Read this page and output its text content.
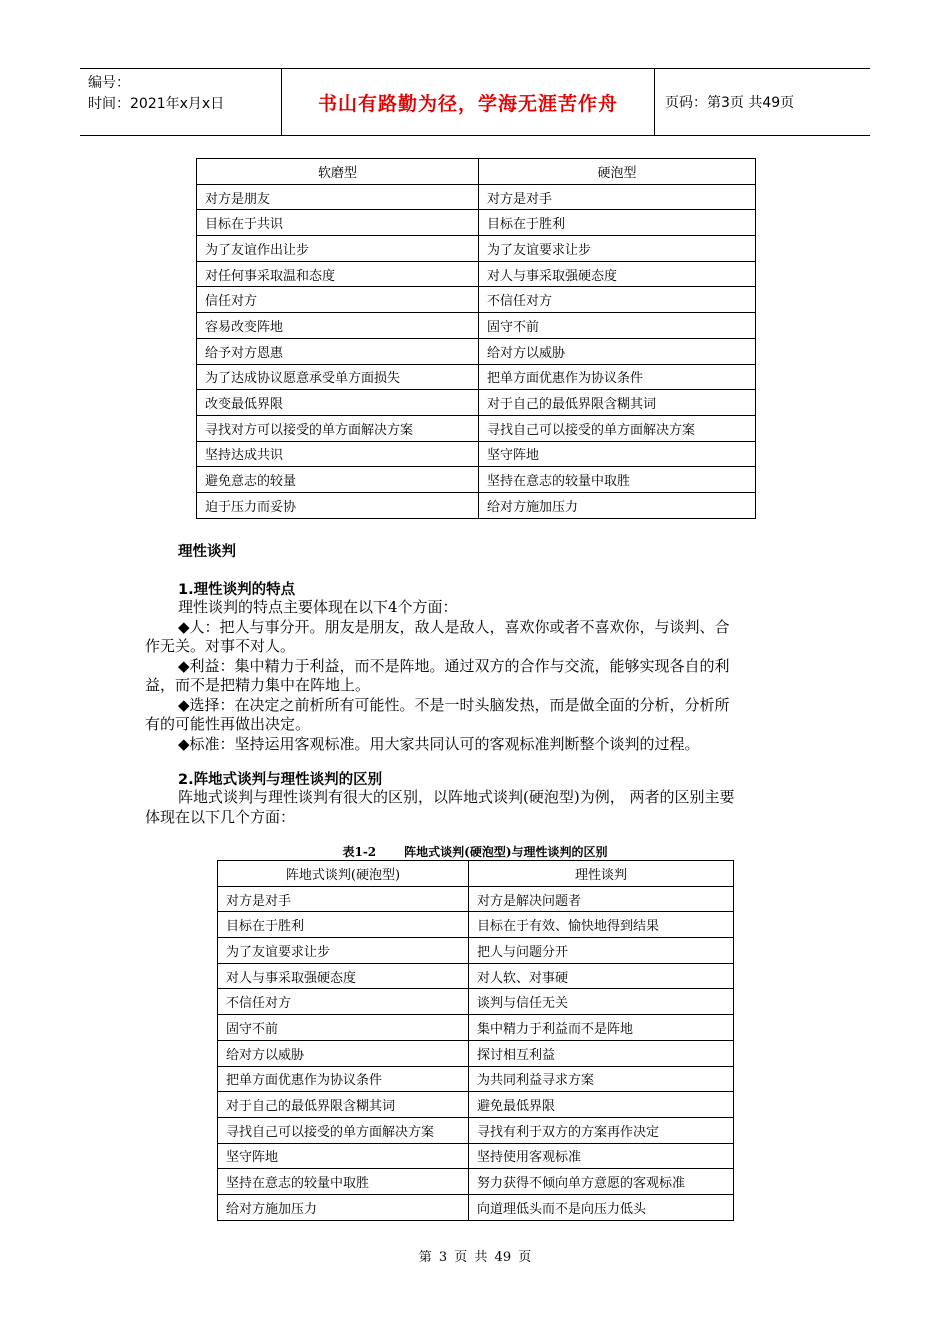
编号：
时间：2021年x月x日	书山有路勤为径，学海无涯苦作舟	页码：第3页 共49页
软磨型	硬泡型
对方是朋友	对方是对手
目标在于共识	目标在于胜利
为了友谊作出让步	为了友谊要求让步
对任何事采取温和态度	对人与事采取强硬态度
信任对方	不信任对方
容易改变阵地	固守不前
给予对方恩惠	给对方以威胁
为了达成协议愿意承受单方面损失	把单方面优惠作为协议条件
改变最低界限	对于自己的最低界限含糊其词
寻找对方可以接受的单方面解决方案	寻找自己可以接受的单方面解决方案
坚持达成共识	坚守阵地
避免意志的较量	坚持在意志的较量中取胜
迫于压力而妥协	给对方施加压力
理性谈判
1.理性谈判的特点

理性谈判的特点主要体现在以下4个方面：

◆人：把人与事分开。朋友是朋友，敌人是敌人，喜欢你或者不喜欢你，与谈判、合

作无关。对事不对人。

◆利益：集中精力于利益，而不是阵地。通过双方的合作与交流，能够实现各自的利

益，而不是把精力集中在阵地上。

◆选择：在决定之前析所有可能性。不是一时头脑发热，而是做全面的分析，分析所

有的可能性再做出决定。

◆标准：坚持运用客观标准。用大家共同认可的客观标准判断整个谈判的过程。

2.阵地式谈判与理性谈判的区别

阵地式谈判与理性谈判有很大的区别，以阵地式谈判(硬泡型)为例， 两者的区别主要

体现在以下几个方面：

表1-2 阵地式谈判(硬泡型)与理性谈判的区别
阵地式谈判(硬泡型)	理性谈判
对方是对手	对方是解决问题者
目标在于胜利	目标在于有效、愉快地得到结果
为了友谊要求让步	把人与问题分开
对人与事采取强硬态度	对人软、对事硬
不信任对方	谈判与信任无关
固守不前	集中精力于利益而不是阵地
给对方以威胁	探讨相互利益
把单方面优惠作为协议条件	为共同利益寻求方案
对于自己的最低界限含糊其词	避免最低界限
寻找自己可以接受的单方面解决方案	寻找有利于双方的方案再作决定
坚守阵地	坚持使用客观标准
坚持在意志的较量中取胜	努力获得不倾向单方意愿的客观标准
给对方施加压力	向道理低头而不是向压力低头
第 3 页 共 49 页
